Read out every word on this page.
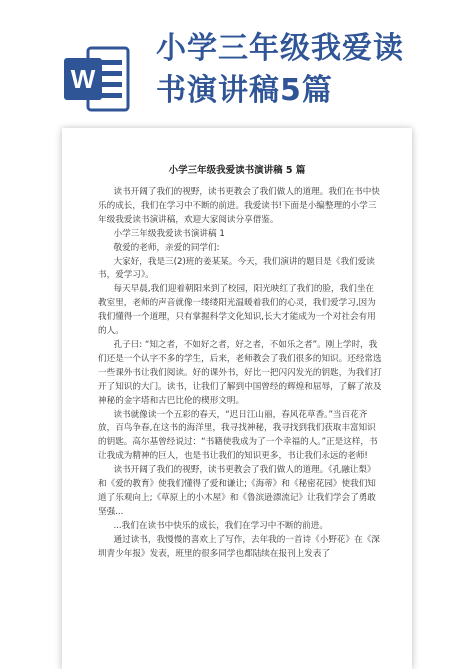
W
小学三年级我爱读
书演讲稿5篇
小学三年级我爱读书演讲稿 5 篇

读书开阔了我们的视野，读书更教会了我们做人的道理。我们在书中快乐的成长，我们在学习中不断的前进。我爱读书!下面是小编整理的小学三年级我爱读书演讲稿，欢迎大家阅读分享借鉴。

小学三年级我爱读书演讲稿 1

敬爱的老师，亲爱的同学们:

大家好，我是三(2)班的姜某某。今天，我们演讲的题目是《我们爱读书，爱学习》。

每天早晨,我们迎着朝阳来到了校园，阳光映红了我们的脸，我们坐在教室里，老师的声音就像一缕缕阳光温暖着我们的心灵，我们爱学习,因为我们懂得一个道理，只有掌握科学文化知识,长大才能成为一个对社会有用的人。

孔子曰: “知之者，不如好之者，好之者，不如乐之者”。刚上学时，我们还是一个认字不多的学生，后来，老师教会了我们很多的知识。还经常选一些课外书让我们阅读。好的课外书，好比一把闪闪发光的钥匙，为我们打开了知识的大门。读书，让我们了解到中国曾经的辉煌和屈辱，了解了浓及神秘的金字塔和古巴比伦的楔形文明。

读书就像读一个五彩的春天，“迟日江山丽，春风花草香。”当百花齐放，百鸟争春,在这书的海洋里，我寻找神秘，我寻找到我们获取丰富知识的钥匙。高尔基曾经说过：“书籍使我成为了一个幸福的人。”正是这样，书让我成为精神的巨人，也是书让我们的知识更多，书让我们永远的老师!

读书开阔了我们的视野，读书更教会了我们做人的道理。《孔融让梨》和《爱的教育》使我们懂得了爱和谦让;《海蒂》和《秘密花园》使我们知道了乐观向上;《草原上的小木屋》和《鲁滨逊漂流记》让我们学会了勇敢坚强...

...我们在读书中快乐的成长，我们在学习中不断的前进。

通过读书，我慢慢的喜欢上了写作，去年我的一首诗《小野花》在《深圳青少年报》发表，班里的很多同学也都陆续在报刊上发表了
